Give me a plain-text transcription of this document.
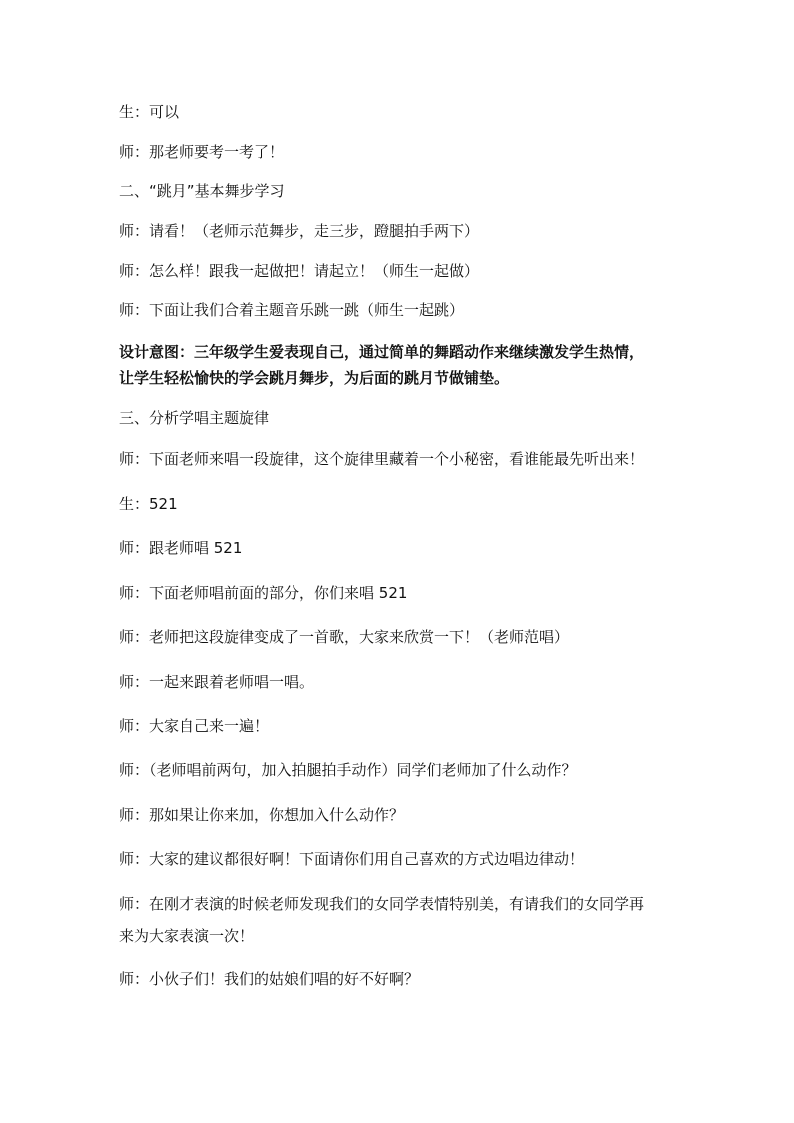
生：可以
师：那老师要考一考了！
二、“跳月”基本舞步学习
师：请看！（老师示范舞步，走三步，蹬腿拍手两下）
师：怎么样！跟我一起做把！请起立！（师生一起做）
师：下面让我们合着主题音乐跳一跳（师生一起跳）
设计意图：三年级学生爱表现自己，通过简单的舞蹈动作来继续激发学生热情，
让学生轻松愉快的学会跳月舞步，为后面的跳月节做铺垫。
三、分析学唱主题旋律
师：下面老师来唱一段旋律，这个旋律里藏着一个小秘密，看谁能最先听出来！
生：521
师：跟老师唱 521
师：下面老师唱前面的部分，你们来唱 521
师：老师把这段旋律变成了一首歌，大家来欣赏一下！（老师范唱）
师：一起来跟着老师唱一唱。
师：大家自己来一遍！
师：（老师唱前两句，加入拍腿拍手动作）同学们老师加了什么动作？
师：那如果让你来加，你想加入什么动作？
师：大家的建议都很好啊！下面请你们用自己喜欢的方式边唱边律动！
师：在刚才表演的时候老师发现我们的女同学表情特别美，有请我们的女同学再
来为大家表演一次！
师：小伙子们！我们的姑娘们唱的好不好啊？
